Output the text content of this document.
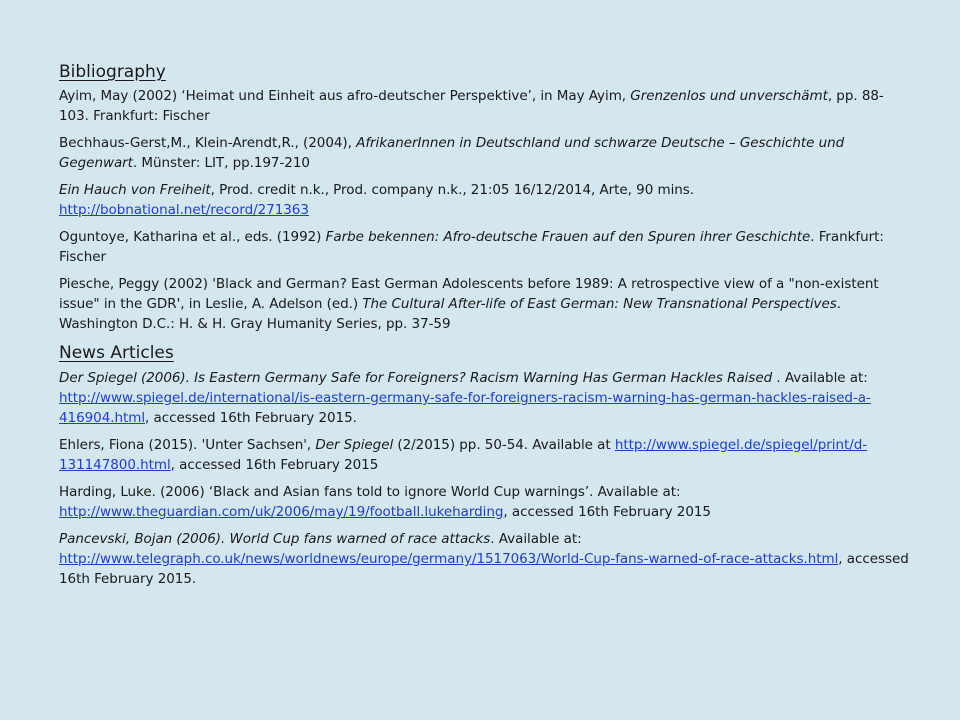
Bibliography

Ayim, May (2002) ‘Heimat und Einheit aus afro-deutscher Perspektive’, in May Ayim, Grenzenlos und unverschämt, pp. 88-103. Frankfurt: Fischer

Bechhaus-Gerst,M., Klein-Arendt,R., (2004), AfrikanerInnen in Deutschland und schwarze Deutsche – Geschichte und Gegenwart. Münster: LIT, pp.197-210

Ein Hauch von Freiheit, Prod. credit n.k., Prod. company n.k., 21:05 16/12/2014, Arte, 90 mins. http://bobnational.net/record/271363

Oguntoye, Katharina et al., eds. (1992) Farbe bekennen: Afro-deutsche Frauen auf den Spuren ihrer Geschichte. Frankfurt: Fischer

Piesche, Peggy (2002) 'Black and German? East German Adolescents before 1989: A retrospective view of a "non-existent issue" in the GDR', in Leslie, A. Adelson (ed.) The Cultural After-life of East German: New Transnational Perspectives. Washington D.C.: H. & H. Gray Humanity Series, pp. 37-59

News Articles

Der Spiegel (2006). Is Eastern Germany Safe for Foreigners? Racism Warning Has German Hackles Raised . Available at: http://www.spiegel.de/international/is-eastern-germany-safe-for-foreigners-racism-warning-has-german-hackles-raised-a-416904.html, accessed 16th February 2015.

Ehlers, Fiona (2015). 'Unter Sachsen', Der Spiegel (2/2015) pp. 50-54. Available at http://www.spiegel.de/spiegel/print/d-131147800.html, accessed 16th February 2015

Harding, Luke. (2006) ‘Black and Asian fans told to ignore World Cup warnings’. Available at: http://www.theguardian.com/uk/2006/may/19/football.lukeharding, accessed 16th February 2015

Pancevski, Bojan (2006). World Cup fans warned of race attacks. Available at: http://www.telegraph.co.uk/news/worldnews/europe/germany/1517063/World-Cup-fans-warned-of-race-attacks.html, accessed 16th February 2015.
